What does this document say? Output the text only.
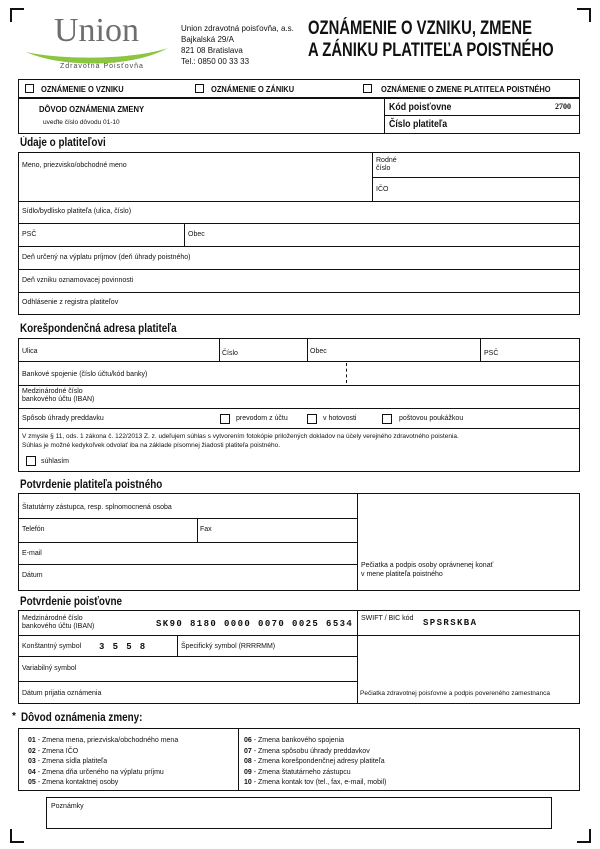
Union
Zdravotná Poisťovňa
Union zdravotná poisťovňa, a.s.
Bajkalská 29/A
821 08 Bratislava
Tel.: 0850 00 33 33
OZNÁMENIE O VZNIKU, ZMENE
A ZÁNIKU PLATITEĽA POISTNÉHO
OZNÁMENIE O VZNIKU	OZNÁMENIE O ZÁNIKU	OZNÁMENIE O ZMENE PLATITEĽA POISTNÉHO
DÔVOD OZNÁMENIA ZMENY
uveďte číslo dôvodu 01-10
Kód poisťovne	2700
Číslo platiteľa
Údaje o platiteľovi
Meno, priezvisko/obchodné meno
Rodné
číslo
IČO
Sídlo/bydlisko platiteľa (ulica, číslo)
PSČ	Obec
Deň určený na výplatu príjmov (deň úhrady poistného)
Deň vzniku oznamovacej povinnosti
Odhlásenie z registra platiteľov
Korešpondenčná adresa platiteľa
Ulica	Číslo	Obec	PSČ
Bankové spojenie (číslo účtu/kód banky)
Medzinárodné číslo
bankového účtu (IBAN)
Spôsob úhrady preddavku	prevodom z účtu	v hotovosti	poštovou poukážkou
V zmysle § 11, ods. 1 zákona č. 122/2013 Z. z. udeľujem súhlas s vytvorením fotokópie priložených dokladov na účely verejného zdravotného poistenia.
Súhlas je možné kedykoľvek odvolať iba na základe písomnej žiadosti platiteľa poistného.
súhlasím
Potvrdenie platiteľa poistného
Štatutárny zástupca, resp. splnomocnená osoba
Telefón	Fax
E-mail
Dátum
Pečiatka a podpis osoby oprávnenej konať
v mene platiteľa poistného
Potvrdenie poisťovne
Medzinárodné číslo
bankového účtu (IBAN)	SK90 8180 0000 0070 0025 6534
SWIFT / BIC kód SPSRSKBA
Konštantný symbol 3 5 5 8	Špecifický symbol (RRRRMM)
Variabilný symbol
Dátum prijatia oznámenia	Pečiatka zdravotnej poisťovne a podpis povereného zamestnanca
* Dôvod oznámenia zmeny:
01 - Zmena mena, priezviska/obchodného mena
02 - Zmena IČO
03 - Zmena sídla platiteľa
04 - Zmena dňa určeného na výplatu príjmu
05 - Zmena kontaktnej osoby
06 - Zmena bankového spojenia
07 - Zmena spôsobu úhrady preddavkov
08 - Zmena korešpondenčnej adresy platiteľa
09 - Zmena štatutárneho zástupcu
10 - Zmena kontak tov (tel., fax, e-mail, mobil)
Poznámky
